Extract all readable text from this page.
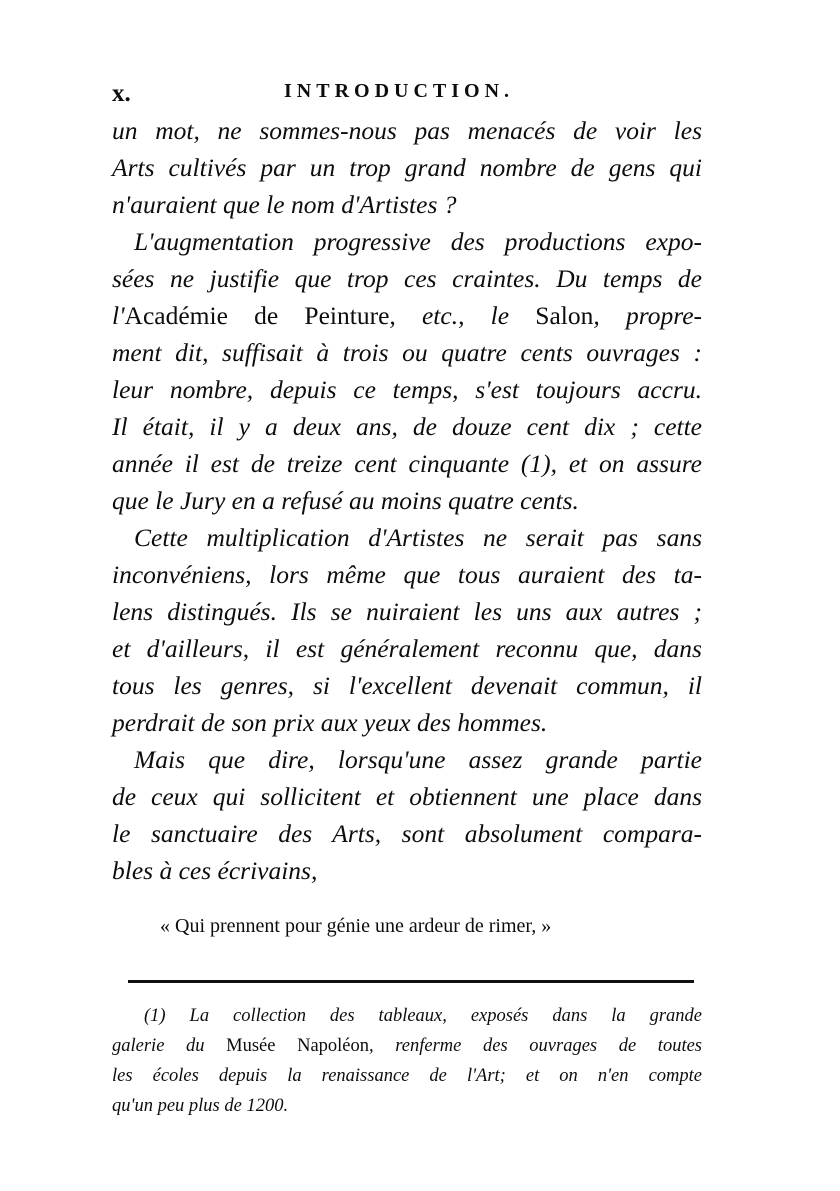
x.	INTRODUCTION.
un mot, ne sommes-nous pas menacés de voir les
Arts cultivés par un trop grand nombre de gens qui
n'auraient que le nom d'Artistes ?
L'augmentation progressive des productions expo-
sées ne justifie que trop ces craintes. Du temps de
l'Académie de Peinture, etc., le Salon, propre-
ment dit, suffisait à trois ou quatre cents ouvrages :
leur nombre, depuis ce temps, s'est toujours accru.
Il était, il y a deux ans, de douze cent dix ; cette
année il est de treize cent cinquante (1), et on assure
que le Jury en a refusé au moins quatre cents.
Cette multiplication d'Artistes ne serait pas sans
inconvéniens, lors même que tous auraient des ta-
lens distingués. Ils se nuiraient les uns aux autres ;
et d'ailleurs, il est généralement reconnu que, dans
tous les genres, si l'excellent devenait commun, il
perdrait de son prix aux yeux des hommes.
Mais que dire, lorsqu'une assez grande partie
de ceux qui sollicitent et obtiennent une place dans
le sanctuaire des Arts, sont absolument compara-
bles à ces écrivains,
« Qui prennent pour génie une ardeur de rimer, »
(1) La collection des tableaux, exposés dans la grande
galerie du Musée Napoléon, renferme des ouvrages de toutes
les écoles depuis la renaissance de l'Art; et on n'en compte
qu'un peu plus de 1200.
